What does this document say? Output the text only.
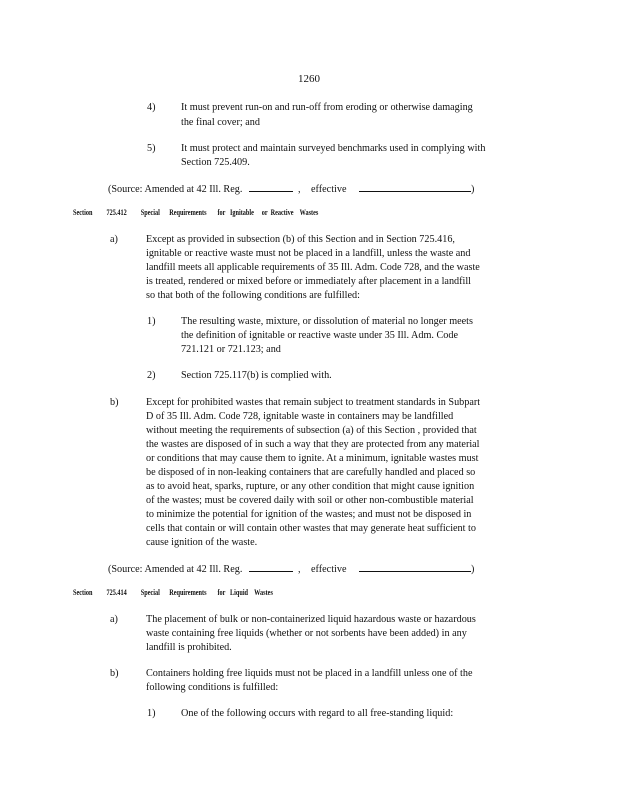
1260
4)	It must prevent run-on and run-off from eroding or otherwise damaging
the final cover; and
5)	It must protect and maintain surveyed benchmarks used in complying with
Section 725.409.
(Source: Amended at 42 Ill. Reg.	, effective	)
Section 725.412 Special      Requirements       for   Ignitable     or  Reactive    Wastes
a)	Except as provided in subsection (b) of this Section and in Section 725.416,
ignitable or reactive waste must not be placed in a landfill, unless the waste and
landfill meets all applicable requirements of 35 Ill. Adm. Code 728, and the waste
is treated, rendered or mixed before or immediately after placement in a landfill
so that both of the following conditions are fulfilled:
1)	The resulting waste, mixture, or dissolution of material no longer meets
the definition of ignitable or reactive waste under 35 Ill. Adm. Code
721.121 or 721.123; and
2)	Section 725.117(b) is complied with.
b)	Except for prohibited wastes that remain subject to treatment standards in Subpart
D of 35 Ill. Adm. Code 728, ignitable waste in containers may be landfilled
without meeting the requirements of subsection (a) of this Section , provided that
the wastes are disposed of in such a way that they are protected from any material
or conditions that may cause them to ignite. At a minimum, ignitable wastes must
be disposed of in non-leaking containers that are carefully handled and placed so
as to avoid heat, sparks, rupture, or any other condition that might cause ignition
of the wastes; must be covered daily with soil or other non-combustible material
to minimize the potential for ignition of the wastes; and must not be disposed in
cells that contain or will contain other wastes that may generate heat sufficient to
cause ignition of the waste.
(Source: Amended at 42 Ill. Reg.	, effective	)
Section 725.414 Special      Requirements       for   Liquid    Wastes
a)	The placement of bulk or non-containerized liquid hazardous waste or hazardous
waste containing free liquids (whether or not sorbents have been added) in any
landfill is prohibited.
b)	Containers holding free liquids must not be placed in a landfill unless one of the
following conditions is fulfilled:
1)	One of the following occurs with regard to all free-standing liquid:
